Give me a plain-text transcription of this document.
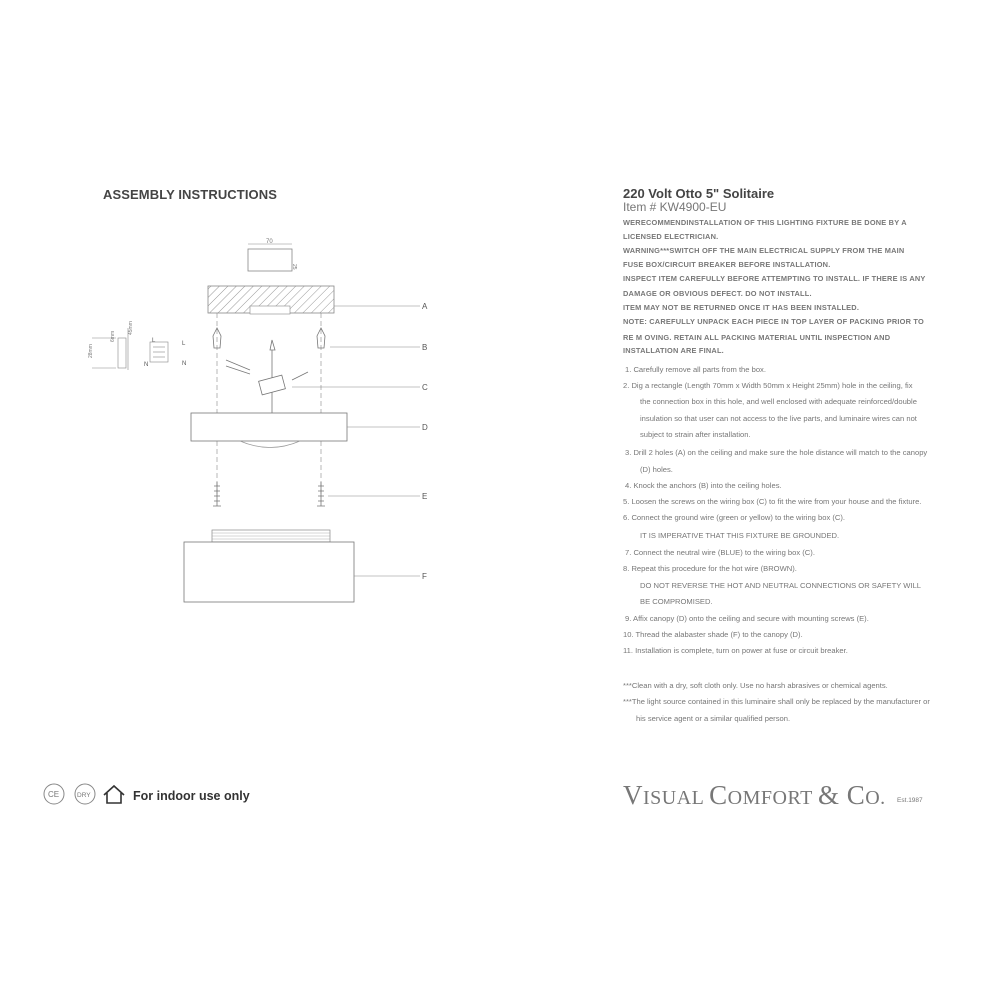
ASSEMBLY INSTRUCTIONS
70
25
A
B
C
D
E
F
28mm
6mm
45mm
L	L
N	N
220 Volt Otto 5" Solitaire
Item # KW4900-EU
WERECOMMENDINSTALLATION OF THIS LIGHTING FIXTURE BE DONE BY A
LICENSED ELECTRICIAN.
WARNING***SWITCH OFF THE MAIN ELECTRICAL SUPPLY FROM THE MAIN
FUSE BOX/CIRCUIT BREAKER BEFORE INSTALLATION.
INSPECT ITEM CAREFULLY BEFORE ATTEMPTING TO INSTALL. IF THERE IS ANY
DAMAGE OR OBVIOUS DEFECT. DO NOT INSTALL.
ITEM MAY NOT BE RETURNED ONCE IT HAS BEEN INSTALLED.
NOTE: CAREFULLY UNPACK EACH PIECE IN TOP LAYER OF PACKING PRIOR TO
RE M OVING. RETAIN ALL PACKING MATERIAL UNTIL INSPECTION AND
INSTALLATION ARE FINAL.
1. Carefully remove all parts from the box.
2. Dig a rectangle (Length 70mm x Width 50mm x Height 25mm) hole in the ceiling, fix
the connection box in this hole, and well enclosed with adequate reinforced/double
insulation so that user can not access to the live parts, and luminaire wires can not
subject to strain after installation.
3. Drill 2 holes (A) on the ceiling and make sure the hole distance will match to the canopy
(D) holes.
4. Knock the anchors (B) into the ceiling holes.
5. Loosen the screws on the wiring box (C) to fit the wire from your house and the fixture.
6. Connect the ground wire (green or yellow) to the wiring box (C).
IT IS IMPERATIVE THAT THIS FIXTURE BE GROUNDED.
7. Connect the neutral wire (BLUE) to the wiring box (C).
8. Repeat this procedure for the hot wire (BROWN).
DO NOT REVERSE THE HOT AND NEUTRAL CONNECTIONS OR SAFETY WILL
BE COMPROMISED.
9. Affix canopy (D) onto the ceiling and secure with mounting screws (E).
10. Thread the alabaster shade (F) to the canopy (D).
11. Installation is complete, turn on power at fuse or circuit breaker.
***Clean with a dry, soft cloth only. Use no harsh abrasives or chemical agents.
***The light source contained in this luminaire shall only be replaced by the manufacturer or
his service agent or a similar qualified person.
CE	DRY	For indoor use only	VISUAL COMFORT & CO. Est.1987
